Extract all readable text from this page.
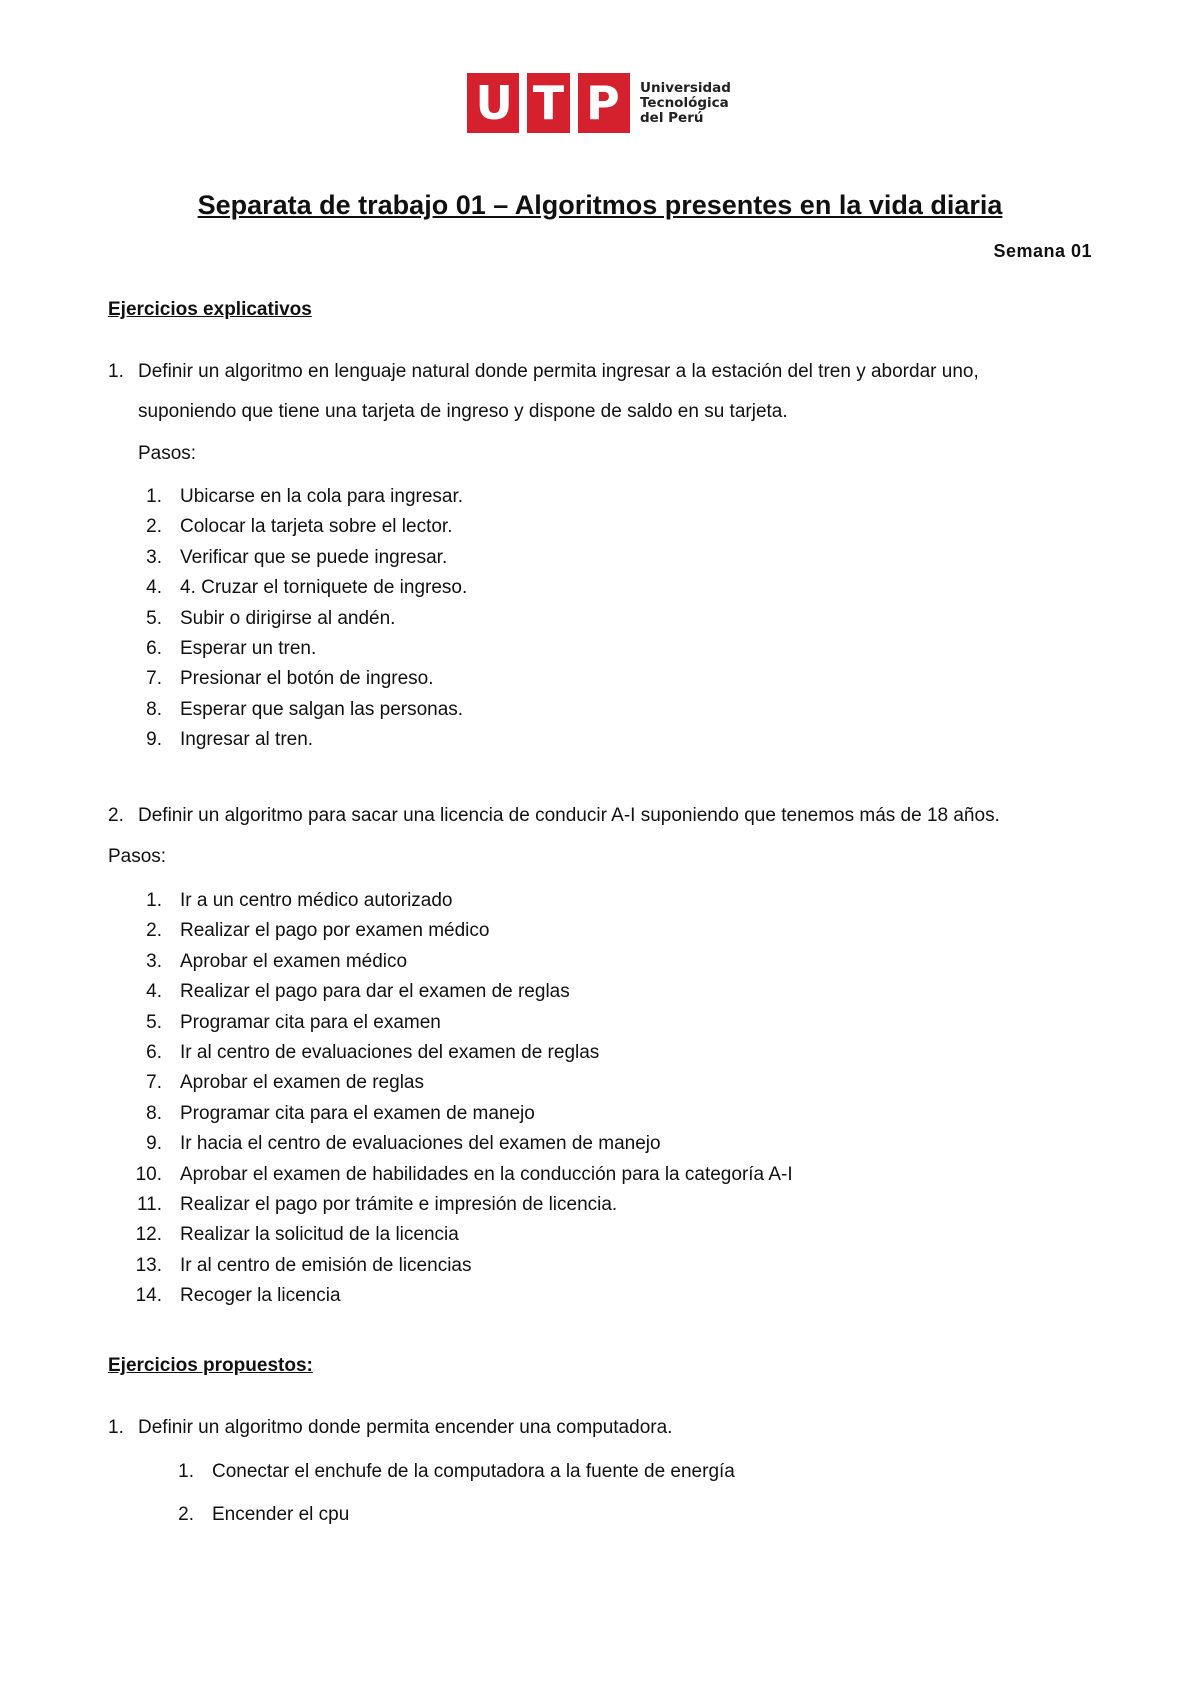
U T P Universidad
Tecnológica
del Perú
Separata de trabajo 01 – Algoritmos presentes en la vida diaria
Semana 01
Ejercicios explicativos
1. Definir un algoritmo en lenguaje natural donde permita ingresar a la estación del tren y abordar uno,
suponiendo que tiene una tarjeta de ingreso y dispone de saldo en su tarjeta.
Pasos:
1. Ubicarse en la cola para ingresar.
2. Colocar la tarjeta sobre el lector.
3. Verificar que se puede ingresar.
4. 4. Cruzar el torniquete de ingreso.
5. Subir o dirigirse al andén.
6. Esperar un tren.
7. Presionar el botón de ingreso.
8. Esperar que salgan las personas.
9. Ingresar al tren.
2. Definir un algoritmo para sacar una licencia de conducir A-I suponiendo que tenemos más de 18 años.
Pasos:
1. Ir a un centro médico autorizado
2. Realizar el pago por examen médico
3. Aprobar el examen médico
4. Realizar el pago para dar el examen de reglas
5. Programar cita para el examen
6. Ir al centro de evaluaciones del examen de reglas
7. Aprobar el examen de reglas
8. Programar cita para el examen de manejo
9. Ir hacia el centro de evaluaciones del examen de manejo
10. Aprobar el examen de habilidades en la conducción para la categoría A-I
11. Realizar el pago por trámite e impresión de licencia.
12. Realizar la solicitud de la licencia
13. Ir al centro de emisión de licencias
14. Recoger la licencia
Ejercicios propuestos:
1. Definir un algoritmo donde permita encender una computadora.
1. Conectar el enchufe de la computadora a la fuente de energía
2. Encender el cpu
